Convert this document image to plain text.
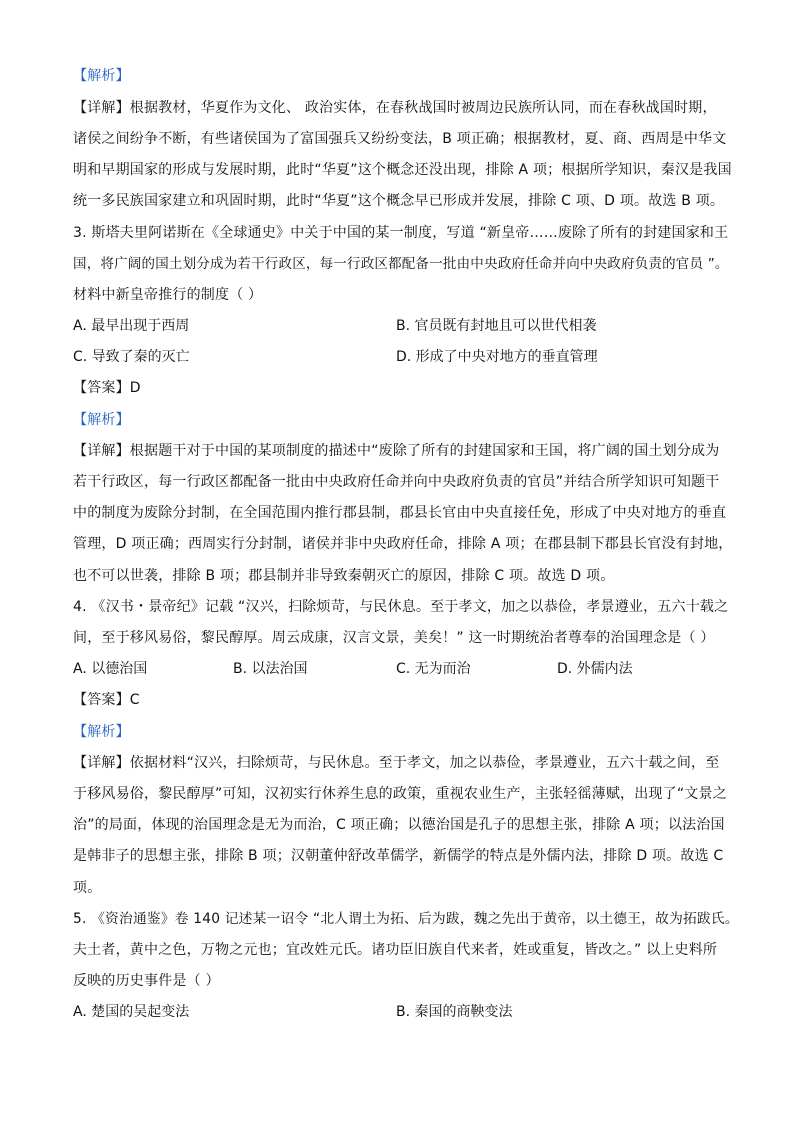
【解析】
【详解】根据教材，华夏作为文化、 政治实体，在春秋战国时被周边民族所认同，而在春秋战国时期，
诸侯之间纷争不断，有些诸侯国为了富国强兵又纷纷变法，B 项正确；根据教材，夏、商、西周是中华文
明和早期国家的形成与发展时期，此时“华夏”这个概念还没出现，排除 A 项；根据所学知识，秦汉是我国
统一多民族国家建立和巩固时期，此时“华夏”这个概念早已形成并发展，排除 C 项、D 项。故选 B 项。
3. 斯塔夫里阿诺斯在《全球通史》中关于中国的某一制度，写道 “新皇帝……废除了所有的封建国家和王
国，将广阔的国土划分成为若干行政区，每一行政区都配备一批由中央政府任命并向中央政府负责的官员 ”。
材料中新皇帝推行的制度（ ）
A. 最早出现于西周	B. 官员既有封地且可以世代相袭
C. 导致了秦的灭亡	D. 形成了中央对地方的垂直管理
【答案】D
【解析】
【详解】根据题干对于中国的某项制度的描述中“废除了所有的封建国家和王国，将广阔的国土划分成为
若干行政区，每一行政区都配备一批由中央政府任命并向中央政府负责的官员”并结合所学知识可知题干
中的制度为废除分封制，在全国范围内推行郡县制，郡县长官由中央直接任免，形成了中央对地方的垂直
管理，D 项正确；西周实行分封制，诸侯并非中央政府任命，排除 A 项；在郡县制下郡县长官没有封地，
也不可以世袭，排除 B 项；郡县制并非导致秦朝灭亡的原因，排除 C 项。故选 D 项。
4. 《汉书・景帝纪》记载 “汉兴，扫除烦苛，与民休息。至于孝文，加之以恭俭，孝景遵业，五六十载之
间，至于移风易俗，黎民醇厚。周云成康，汉言文景，美矣！” 这一时期统治者尊奉的治国理念是（ ）
A. 以德治国	B. 以法治国	C. 无为而治	D. 外儒内法
【答案】C
【解析】
【详解】依据材料“汉兴，扫除烦苛，与民休息。至于孝文，加之以恭俭，孝景遵业，五六十载之间，至
于移风易俗，黎民醇厚”可知，汉初实行休养生息的政策，重视农业生产，主张轻徭薄赋，出现了“文景之
治”的局面，体现的治国理念是无为而治，C 项正确；以德治国是孔子的思想主张，排除 A 项；以法治国
是韩非子的思想主张，排除 B 项；汉朝董仲舒改革儒学，新儒学的特点是外儒内法，排除 D 项。故选 C
项。
5. 《资治通鉴》卷 140 记述某一诏令 “北人谓土为拓、后为跋，魏之先出于黄帝，以土德王，故为拓跋氏。
夫土者，黄中之色，万物之元也；宜改姓元氏。诸功臣旧族自代来者，姓或重复，皆改之。” 以上史料所
反映的历史事件是（ ）
A. 楚国的吴起变法	B. 秦国的商鞅变法
